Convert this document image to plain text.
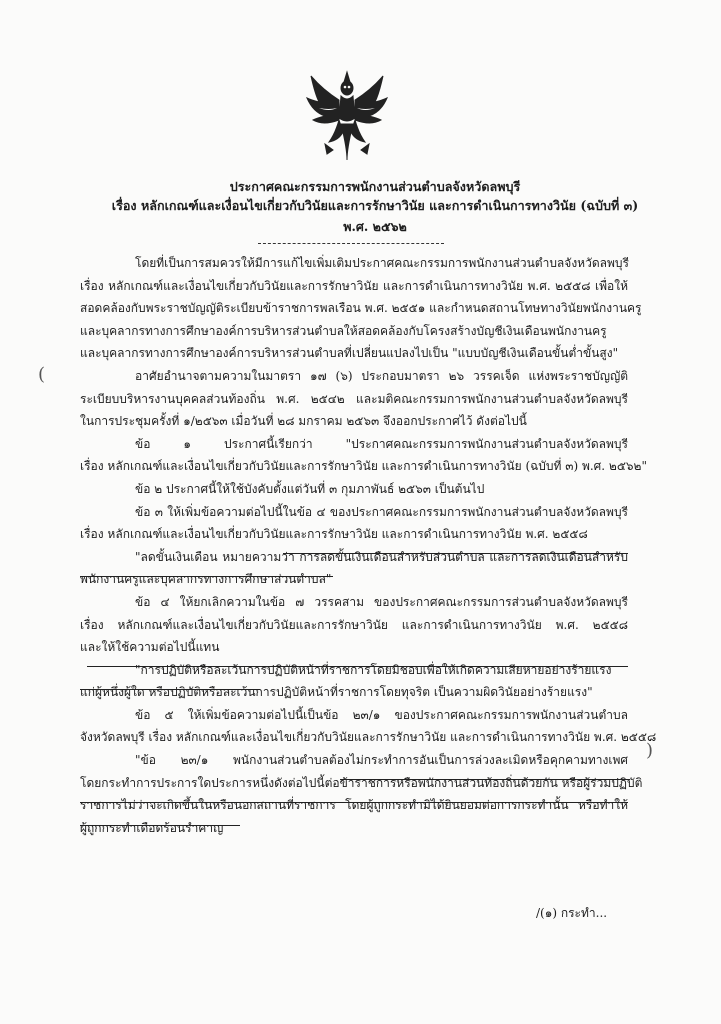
ประกาศคณะกรรมการพนักงานส่วนตำบลจังหวัดลพบุรี
เรื่อง หลักเกณฑ์และเงื่อนไขเกี่ยวกับวินัยและการรักษาวินัย และการดำเนินการทางวินัย (ฉบับที่ ๓)
พ.ศ. ๒๕๖๒
โดยที่เป็นการสมควรให้มีการแก้ไขเพิ่มเติมประกาศคณะกรรมการพนักงานส่วนตำบลจังหวัดลพบุรี
เรื่อง หลักเกณฑ์และเงื่อนไขเกี่ยวกับวินัยและการรักษาวินัย และการดำเนินการทางวินัย พ.ศ. ๒๕๕๘ เพื่อให้
สอดคล้องกับพระราชบัญญัติระเบียบข้าราชการพลเรือน พ.ศ. ๒๕๕๑ และกำหนดสถานโทษทางวินัยพนักงานครู
และบุคลากรทางการศึกษาองค์การบริหารส่วนตำบลให้สอดคล้องกับโครงสร้างบัญชีเงินเดือนพนักงานครู
และบุคลากรทางการศึกษาองค์การบริหารส่วนตำบลที่เปลี่ยนแปลงไปเป็น "แบบบัญชีเงินเดือนขั้นต่ำขั้นสูง"
อาศัยอำนาจตามความในมาตรา ๑๗ (๖) ประกอบมาตรา ๒๖ วรรคเจ็ด แห่งพระราชบัญญัติ
ระเบียบบริหารงานบุคคลส่วนท้องถิ่น พ.ศ. ๒๕๔๒ และมติคณะกรรมการพนักงานส่วนตำบลจังหวัดลพบุรี
ในการประชุมครั้งที่ ๑/๒๕๖๓ เมื่อวันที่ ๒๘ มกราคม ๒๕๖๓ จึงออกประกาศไว้ ดังต่อไปนี้
ข้อ ๑ ประกาศนี้เรียกว่า "ประกาศคณะกรรมการพนักงานส่วนตำบลจังหวัดลพบุรี
เรื่อง หลักเกณฑ์และเงื่อนไขเกี่ยวกับวินัยและการรักษาวินัย และการดำเนินการทางวินัย (ฉบับที่ ๓) พ.ศ. ๒๕๖๒"
ข้อ ๒ ประกาศนี้ให้ใช้บังคับตั้งแต่วันที่ ๓ กุมภาพันธ์ ๒๕๖๓ เป็นต้นไป
ข้อ ๓ ให้เพิ่มข้อความต่อไปนี้ในข้อ ๔ ของประกาศคณะกรรมการพนักงานส่วนตำบลจังหวัดลพบุรี
เรื่อง หลักเกณฑ์และเงื่อนไขเกี่ยวกับวินัยและการรักษาวินัย และการดำเนินการทางวินัย พ.ศ. ๒๕๕๘
"ลดขั้นเงินเดือน หมายความว่า การลดขั้นเงินเดือนสำหรับส่วนตำบล และการลดเงินเดือนสำหรับ
พนักงานครูและบุคลากรทางการศึกษาส่วนตำบล"
ข้อ ๔ ให้ยกเลิกความในข้อ ๗ วรรคสาม ของประกาศคณะกรรมการส่วนตำบลจังหวัดลพบุรี
เรื่อง หลักเกณฑ์และเงื่อนไขเกี่ยวกับวินัยและการรักษาวินัย และการดำเนินการทางวินัย พ.ศ. ๒๕๕๘
และให้ใช้ความต่อไปนี้แทน
"การปฏิบัติหรือละเว้นการปฏิบัติหน้าที่ราชการโดยมิชอบเพื่อให้เกิดความเสียหายอย่างร้ายแรง
แก่ผู้หนึ่งผู้ใด หรือปฏิบัติหรือละเว้นการปฏิบัติหน้าที่ราชการโดยทุจริต เป็นความผิดวินัยอย่างร้ายแรง"
ข้อ ๕ ให้เพิ่มข้อความต่อไปนี้เป็นข้อ ๒๓/๑ ของประกาศคณะกรรมการพนักงานส่วนตำบล
จังหวัดลพบุรี เรื่อง หลักเกณฑ์และเงื่อนไขเกี่ยวกับวินัยและการรักษาวินัย และการดำเนินการทางวินัย พ.ศ. ๒๕๕๘
"ข้อ ๒๓/๑ พนักงานส่วนตำบลต้องไม่กระทำการอันเป็นการล่วงละเมิดหรือคุกคามทางเพศ
โดยกระทำการประการใดประการหนึ่งดังต่อไปนี้ต่อข้าราชการหรือพนักงานส่วนท้องถิ่นด้วยกัน หรือผู้ร่วมปฏิบัติ
ราชการไม่ว่าจะเกิดขึ้นในหรือนอกสถานที่ราชการ โดยผู้ถูกกระทำมิได้ยินยอมต่อการกระทำนั้น หรือทำให้
ผู้ถูกกระทำเดือดร้อนรำคาญ
(
)
/(๑) กระทำ...
